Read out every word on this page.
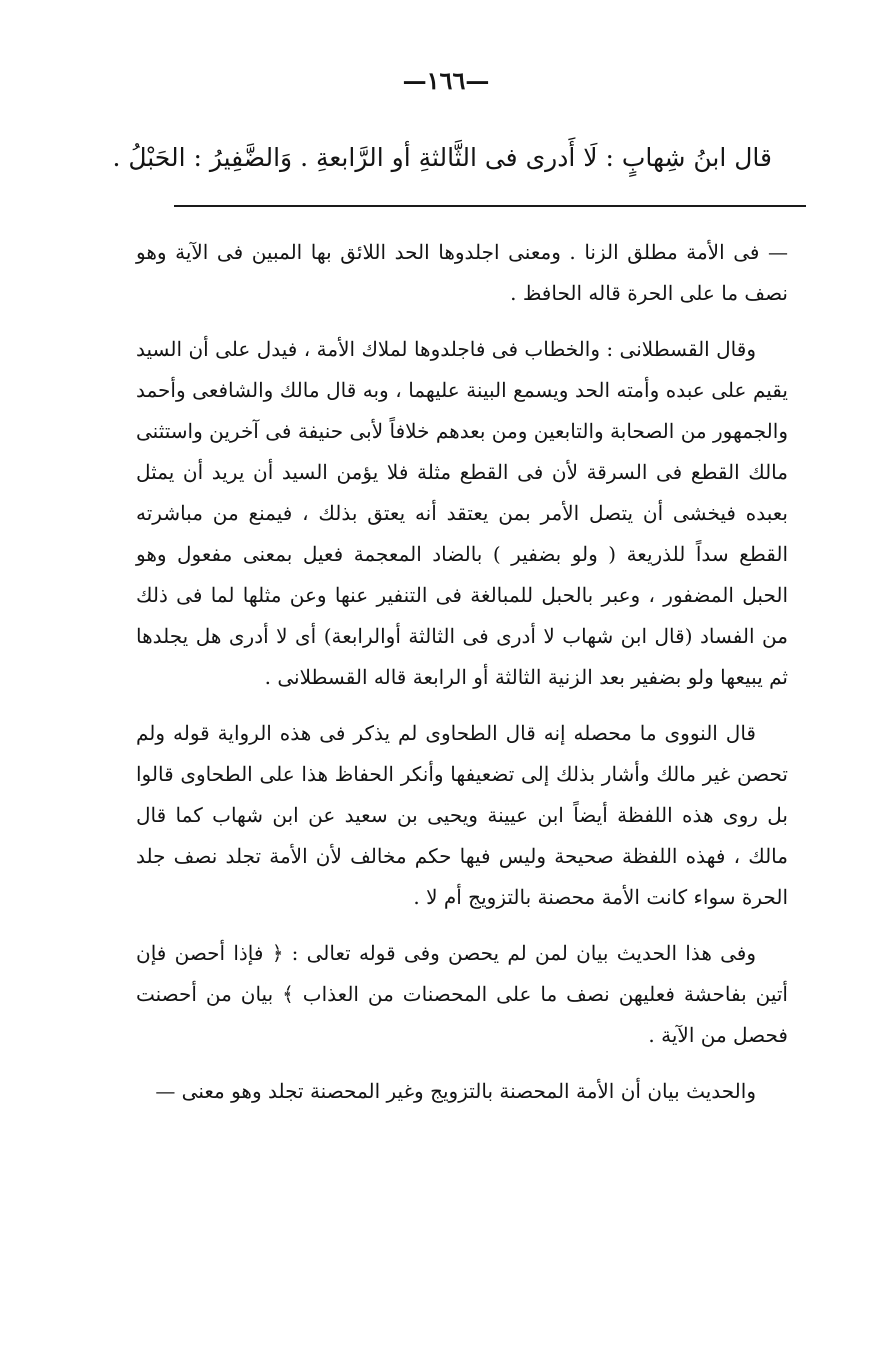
—١٦٦—
قال ابنُ شِهابٍ : لَا أَدرى فى الثَّالثةِ أو الرَّابعةِ . وَالضَّفِيرُ : الحَبْلُ .

— فى الأمة مطلق الزنا . ومعنى اجلدوها الحد اللائق بها المبين فى الآية وهو نصف ما على الحرة قاله الحافظ .

وقال القسطلانى : والخطاب فى فاجلدوها لملاك الأمة ، فيدل على أن السيد يقيم على عبده وأمته الحد ويسمع البينة عليهما ، وبه قال مالك والشافعى وأحمد والجمهور من الصحابة والتابعين ومن بعدهم خلافاً لأبى حنيفة فى آخرين واستثنى مالك القطع فى السرقة لأن فى القطع مثلة فلا يؤمن السيد أن يريد أن يمثل بعبده فيخشى أن يتصل الأمر بمن يعتقد أنه يعتق بذلك ، فيمنع من مباشرته القطع سداً للذريعة ( ولو بضفير ) بالضاد المعجمة فعيل بمعنى مفعول وهو الحبل المضفور ، وعبر بالحبل للمبالغة فى التنفير عنها وعن مثلها لما فى ذلك من الفساد (قال ابن شهاب لا أدرى فى الثالثة أوالرابعة) أى لا أدرى هل يجلدها ثم يبيعها ولو بضفير بعد الزنية الثالثة أو الرابعة قاله القسطلانى .

قال النووى ما محصله إنه قال الطحاوى لم يذكر فى هذه الرواية قوله ولم تحصن غير مالك وأشار بذلك إلى تضعيفها وأنكر الحفاظ هذا على الطحاوى قالوا بل روى هذه اللفظة أيضاً ابن عيينة ويحيى بن سعيد عن ابن شهاب كما قال مالك ، فهذه اللفظة صحيحة وليس فيها حكم مخالف لأن الأمة تجلد نصف جلد الحرة سواء كانت الأمة محصنة بالتزويج أم لا .

وفى هذا الحديث بيان لمن لم يحصن وفى قوله تعالى : ﴿ فإذا أحصن فإن أتين بفاحشة فعليهن نصف ما على المحصنات من العذاب ﴾ بيان من أحصنت فحصل من الآية .

والحديث بيان أن الأمة المحصنة بالتزويج وغير المحصنة تجلد وهو معنى —
